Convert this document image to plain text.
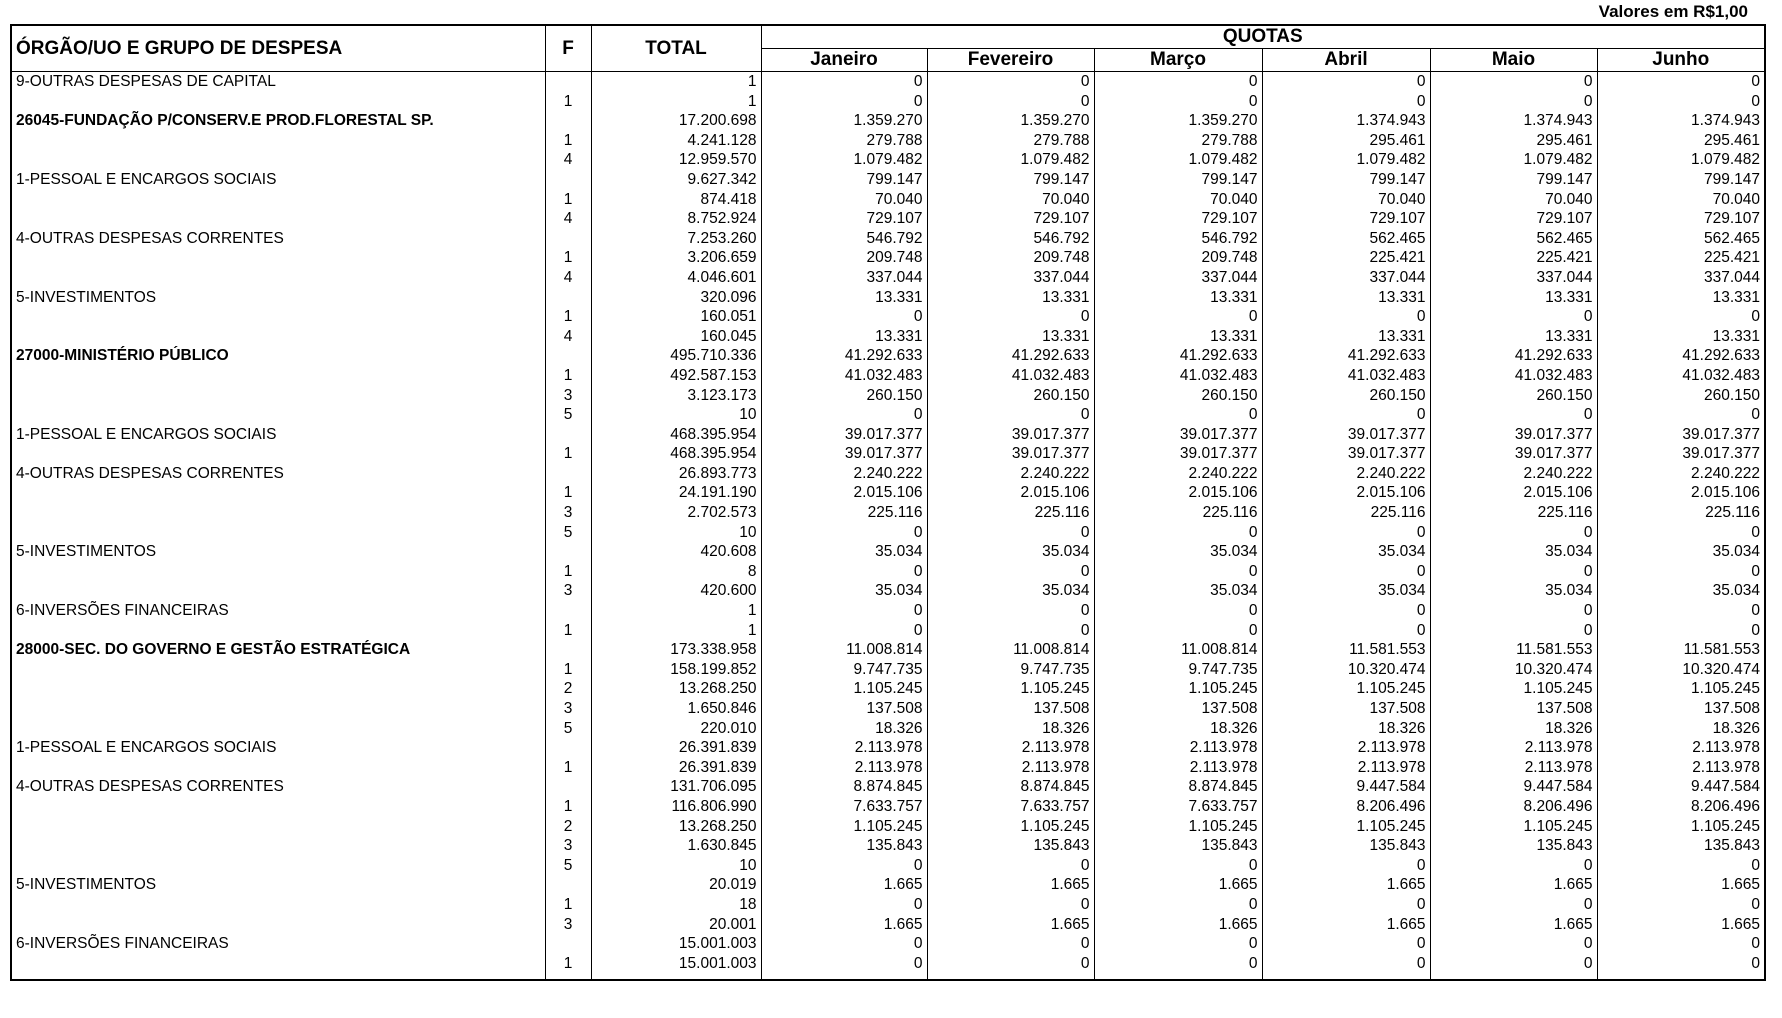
Valores em R$1,00
ÓRGÃO/UO E GRUPO DE DESPESA	F	TOTAL	QUOTAS					
			Janeiro	Fevereiro	Março	Abril	Maio	Junho
9-OUTRAS DESPESAS DE CAPITAL		1	0	0	0	0	0	0
	1	1	0	0	0	0	0	0
26045-FUNDAÇÃO P/CONSERV.E PROD.FLORESTAL SP.		17.200.698	1.359.270	1.359.270	1.359.270	1.374.943	1.374.943	1.374.943
	1	4.241.128	279.788	279.788	279.788	295.461	295.461	295.461
	4	12.959.570	1.079.482	1.079.482	1.079.482	1.079.482	1.079.482	1.079.482
1-PESSOAL E ENCARGOS SOCIAIS		9.627.342	799.147	799.147	799.147	799.147	799.147	799.147
	1	874.418	70.040	70.040	70.040	70.040	70.040	70.040
	4	8.752.924	729.107	729.107	729.107	729.107	729.107	729.107
4-OUTRAS DESPESAS CORRENTES		7.253.260	546.792	546.792	546.792	562.465	562.465	562.465
	1	3.206.659	209.748	209.748	209.748	225.421	225.421	225.421
	4	4.046.601	337.044	337.044	337.044	337.044	337.044	337.044
5-INVESTIMENTOS		320.096	13.331	13.331	13.331	13.331	13.331	13.331
	1	160.051	0	0	0	0	0	0
	4	160.045	13.331	13.331	13.331	13.331	13.331	13.331
27000-MINISTÉRIO PÚBLICO		495.710.336	41.292.633	41.292.633	41.292.633	41.292.633	41.292.633	41.292.633
	1	492.587.153	41.032.483	41.032.483	41.032.483	41.032.483	41.032.483	41.032.483
	3	3.123.173	260.150	260.150	260.150	260.150	260.150	260.150
	5	10	0	0	0	0	0	0
1-PESSOAL E ENCARGOS SOCIAIS		468.395.954	39.017.377	39.017.377	39.017.377	39.017.377	39.017.377	39.017.377
	1	468.395.954	39.017.377	39.017.377	39.017.377	39.017.377	39.017.377	39.017.377
4-OUTRAS DESPESAS CORRENTES		26.893.773	2.240.222	2.240.222	2.240.222	2.240.222	2.240.222	2.240.222
	1	24.191.190	2.015.106	2.015.106	2.015.106	2.015.106	2.015.106	2.015.106
	3	2.702.573	225.116	225.116	225.116	225.116	225.116	225.116
	5	10	0	0	0	0	0	0
5-INVESTIMENTOS		420.608	35.034	35.034	35.034	35.034	35.034	35.034
	1	8	0	0	0	0	0	0
	3	420.600	35.034	35.034	35.034	35.034	35.034	35.034
6-INVERSÕES FINANCEIRAS		1	0	0	0	0	0	0
	1	1	0	0	0	0	0	0
28000-SEC. DO GOVERNO E GESTÃO ESTRATÉGICA		173.338.958	11.008.814	11.008.814	11.008.814	11.581.553	11.581.553	11.581.553
	1	158.199.852	9.747.735	9.747.735	9.747.735	10.320.474	10.320.474	10.320.474
	2	13.268.250	1.105.245	1.105.245	1.105.245	1.105.245	1.105.245	1.105.245
	3	1.650.846	137.508	137.508	137.508	137.508	137.508	137.508
	5	220.010	18.326	18.326	18.326	18.326	18.326	18.326
1-PESSOAL E ENCARGOS SOCIAIS		26.391.839	2.113.978	2.113.978	2.113.978	2.113.978	2.113.978	2.113.978
	1	26.391.839	2.113.978	2.113.978	2.113.978	2.113.978	2.113.978	2.113.978
4-OUTRAS DESPESAS CORRENTES		131.706.095	8.874.845	8.874.845	8.874.845	9.447.584	9.447.584	9.447.584
	1	116.806.990	7.633.757	7.633.757	7.633.757	8.206.496	8.206.496	8.206.496
	2	13.268.250	1.105.245	1.105.245	1.105.245	1.105.245	1.105.245	1.105.245
	3	1.630.845	135.843	135.843	135.843	135.843	135.843	135.843
	5	10	0	0	0	0	0	0
5-INVESTIMENTOS		20.019	1.665	1.665	1.665	1.665	1.665	1.665
	1	18	0	0	0	0	0	0
	3	20.001	1.665	1.665	1.665	1.665	1.665	1.665
6-INVERSÕES FINANCEIRAS		15.001.003	0	0	0	0	0	0
	1	15.001.003	0	0	0	0	0	0
